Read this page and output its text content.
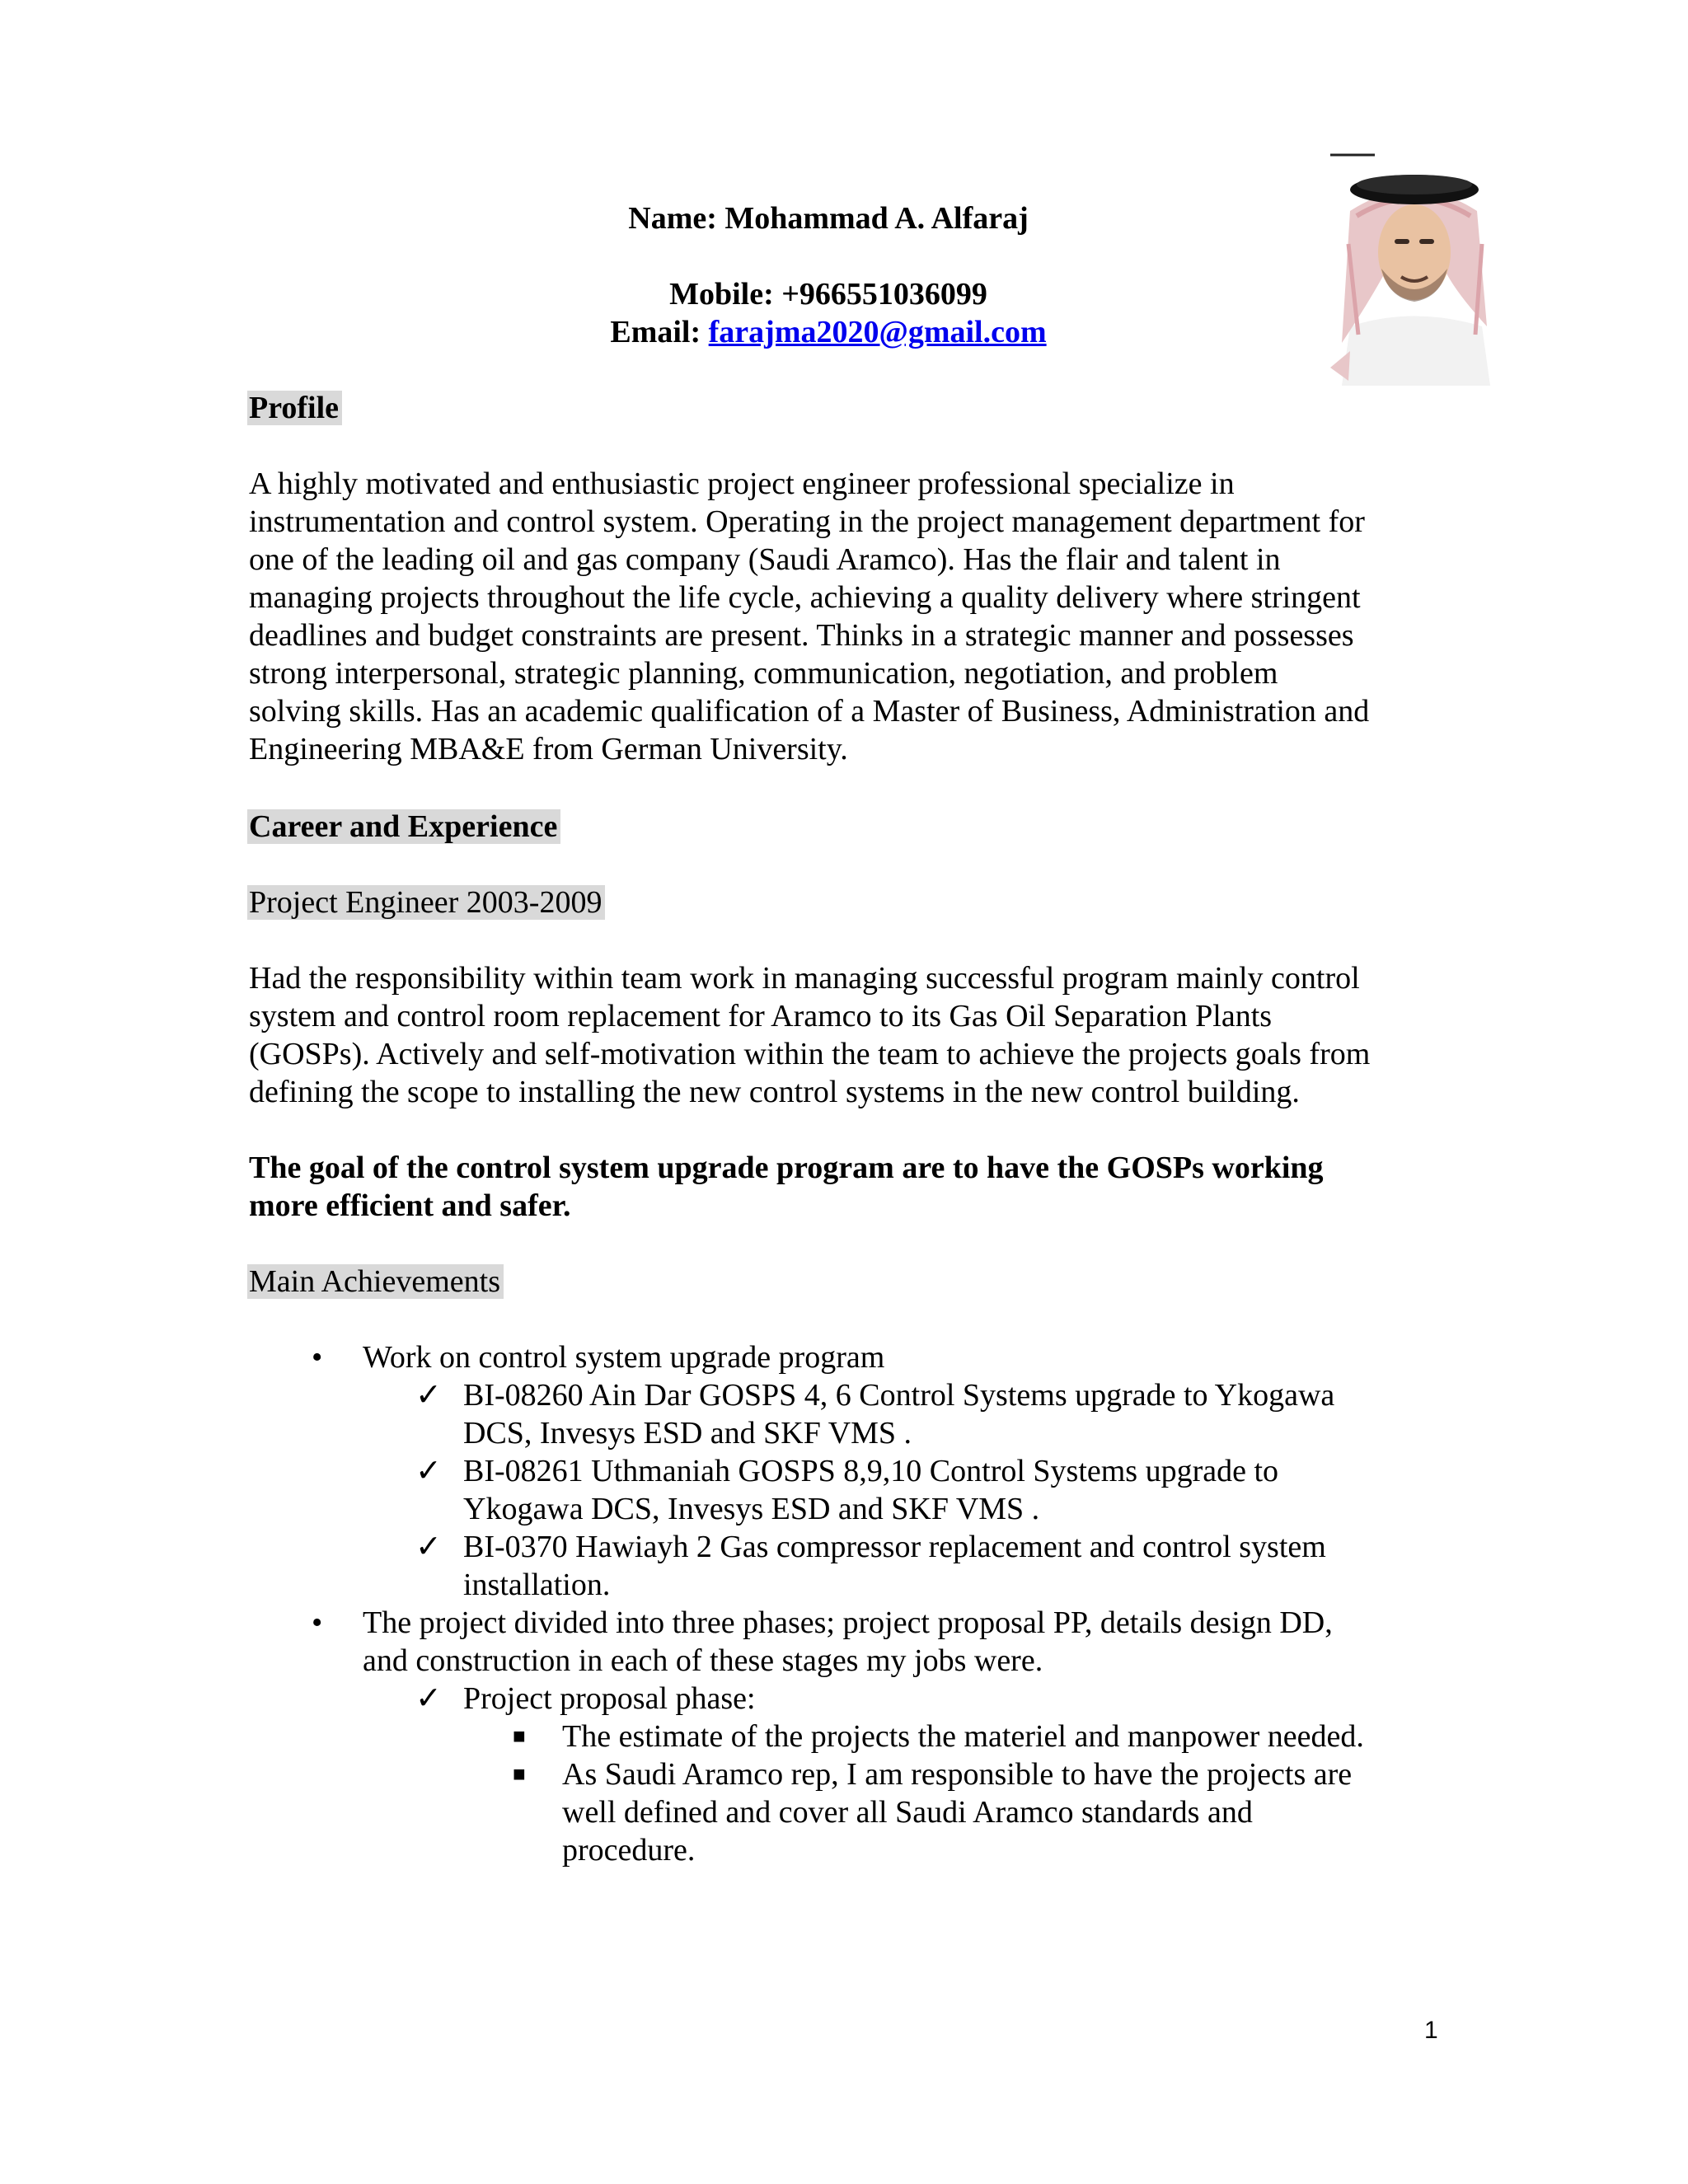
Name: Mohammad A. Alfaraj
Mobile: +966551036099
Email: farajma2020@gmail.com
Profile
A highly motivated and enthusiastic project engineer professional specialize in
instrumentation and control system. Operating in the project management department for
one of the leading oil and gas company (Saudi Aramco). Has the flair and talent in
managing projects throughout the life cycle, achieving a quality delivery where stringent
deadlines and budget constraints are present. Thinks in a strategic manner and possesses
strong interpersonal, strategic planning, communication, negotiation, and problem
solving skills. Has an academic qualification of a Master of Business, Administration and
Engineering MBA&E from German University.
Career and Experience
Project Engineer 2003-2009
Had the responsibility within team work in managing successful program mainly control
system and control room replacement for Aramco to its Gas Oil Separation Plants
(GOSPs). Actively and self-motivation within the team to achieve the projects goals from
defining the scope to installing the new control systems in the new control building.
The goal of the control system upgrade program are to have the GOSPs working
more efficient and safer.
Main Achievements
• Work on control system upgrade program
✓ BI-08260 Ain Dar GOSPS 4, 6 Control Systems upgrade to Ykogawa
DCS, Invesys ESD and SKF VMS .
✓ BI-08261 Uthmaniah GOSPS 8,9,10 Control Systems upgrade to
Ykogawa DCS, Invesys ESD and SKF VMS .
✓ BI-0370 Hawiayh 2 Gas compressor replacement and control system
installation.
• The project divided into three phases; project proposal PP, details design DD,
and construction in each of these stages my jobs were.
✓ Project proposal phase:
■ The estimate of the projects the materiel and manpower needed.
■ As Saudi Aramco rep, I am responsible to have the projects are
well defined and cover all Saudi Aramco standards and
procedure.
1
